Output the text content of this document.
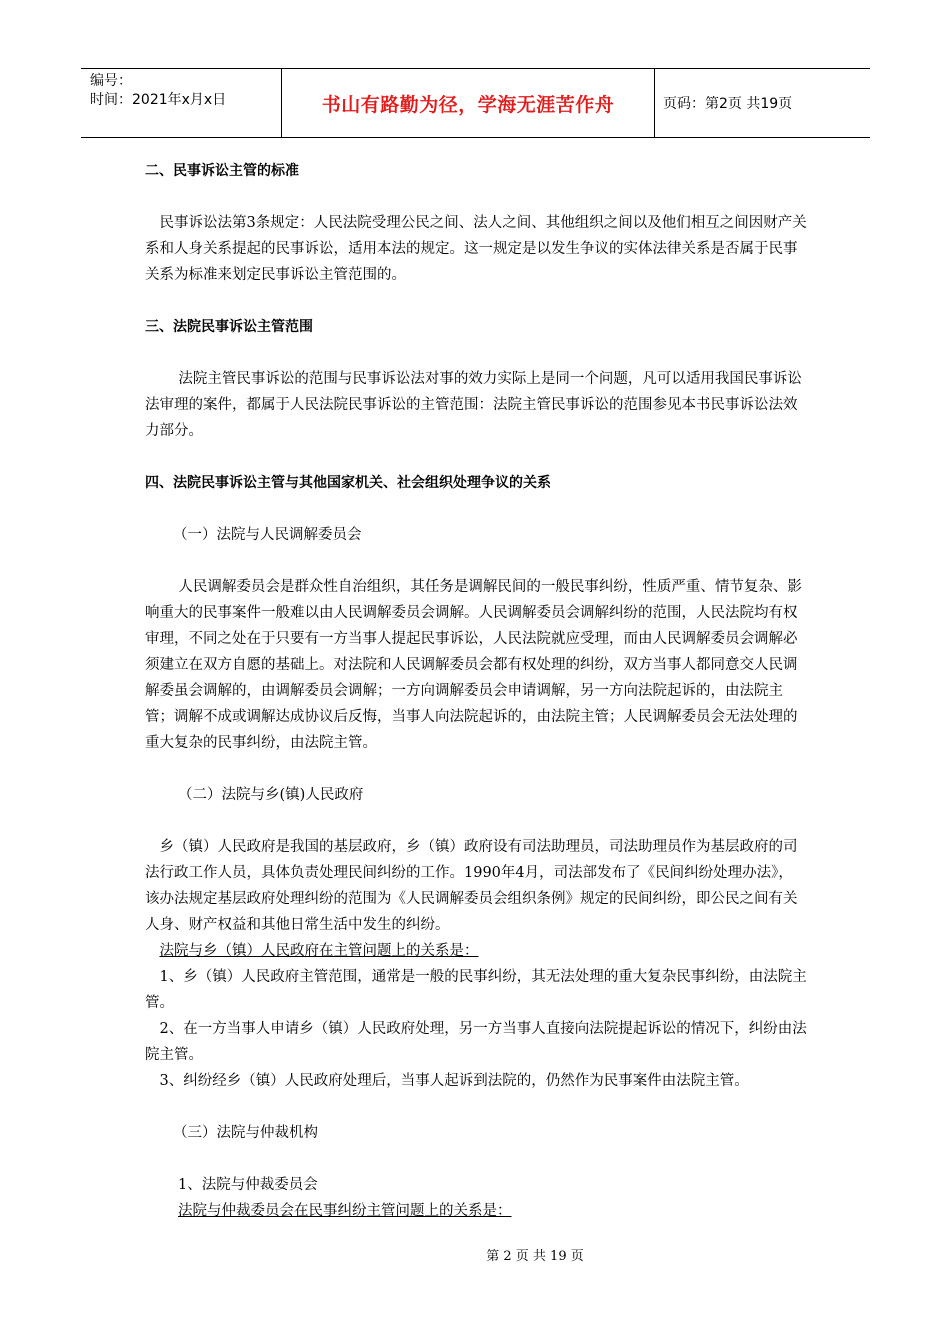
编号：
时间：2021年x月x日	书山有路勤为径，学海无涯苦作舟	页码：第2页 共19页

二、民事诉讼主管的标准

民事诉讼法第3条规定：人民法院受理公民之间、法人之间、其他组织之间以及他们相互之间因财产关系和人身关系提起的民事诉讼，适用本法的规定。这一规定是以发生争议的实体法律关系是否属于民事关系为标准来划定民事诉讼主管范围的。

三、法院民事诉讼主管范围

法院主管民事诉讼的范围与民事诉讼法对事的效力实际上是同一个问题，凡可以适用我国民事诉讼法审理的案件，都属于人民法院民事诉讼的主管范围：法院主管民事诉讼的范围参见本书民事诉讼法效力部分。

四、法院民事诉讼主管与其他国家机关、社会组织处理争议的关系

（一）法院与人民调解委员会

人民调解委员会是群众性自治组织，其任务是调解民间的一般民事纠纷，性质严重、情节复杂、影响重大的民事案件一般难以由人民调解委员会调解。人民调解委员会调解纠纷的范围，人民法院均有权审理，不同之处在于只要有一方当事人提起民事诉讼，人民法院就应受理，而由人民调解委员会调解必须建立在双方自愿的基础上。对法院和人民调解委员会都有权处理的纠纷，双方当事人都同意交人民调解委虽会调解的，由调解委员会调解；一方向调解委员会申请调解，另一方向法院起诉的，由法院主管；调解不成或调解达成协议后反悔，当事人向法院起诉的，由法院主管；人民调解委员会无法处理的重大复杂的民事纠纷，由法院主管。

（二）法院与乡(镇)人民政府

乡（镇）人民政府是我国的基层政府，乡（镇）政府设有司法助理员，司法助理员作为基层政府的司法行政工作人员，具体负责处理民间纠纷的工作。1990年4月，司法部发布了《民间纠纷处理办法》，该办法规定基层政府处理纠纷的范围为《人民调解委员会组织条例》规定的民间纠纷，即公民之间有关人身、财产权益和其他日常生活中发生的纠纷。

法院与乡（镇）人民政府在主管问题上的关系是：

1、乡（镇）人民政府主管范围，通常是一般的民事纠纷，其无法处理的重大复杂民事纠纷，由法院主管。

2、在一方当事人申请乡（镇）人民政府处理，另一方当事人直接向法院提起诉讼的情况下，纠纷由法院主管。

3、纠纷经乡（镇）人民政府处理后，当事人起诉到法院的，仍然作为民事案件由法院主管。

（三）法院与仲裁机构

1、法院与仲裁委员会

法院与仲裁委员会在民事纠纷主管问题上的关系是：

第 2 页 共 19 页
